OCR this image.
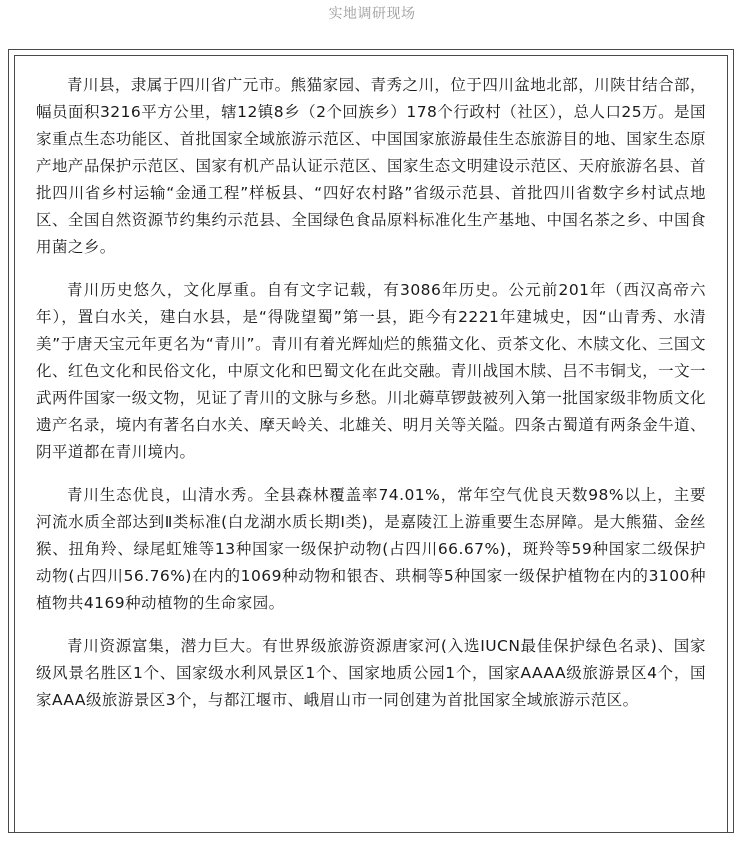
实地调研现场

青川县，隶属于四川省广元市。熊猫家园、青秀之川，位于四川盆地北部，川陕甘结合部，幅员面积3216平方公里，辖12镇8乡（2个回族乡）178个行政村（社区），总人口25万。是国家重点生态功能区、首批国家全域旅游示范区、中国国家旅游最佳生态旅游目的地、国家生态原产地产品保护示范区、国家有机产品认证示范区、国家生态文明建设示范区、天府旅游名县、首批四川省乡村运输“金通工程”样板县、“四好农村路”省级示范县、首批四川省数字乡村试点地区、全国自然资源节约集约示范县、全国绿色食品原料标准化生产基地、中国名茶之乡、中国食用菌之乡。

青川历史悠久，文化厚重。自有文字记载，有3086年历史。公元前201年（西汉高帝六年），置白水关，建白水县，是“得陇望蜀”第一县，距今有2221年建城史，因“山青秀、水清美”于唐天宝元年更名为“青川”。青川有着光辉灿烂的熊猫文化、贡茶文化、木牍文化、三国文化、红色文化和民俗文化，中原文化和巴蜀文化在此交融。青川战国木牍、吕不韦铜戈，一文一武两件国家一级文物，见证了青川的文脉与乡愁。川北薅草锣鼓被列入第一批国家级非物质文化遗产名录，境内有著名白水关、摩天岭关、北雄关、明月关等关隘。四条古蜀道有两条金牛道、阴平道都在青川境内。

青川生态优良，山清水秀。全县森林覆盖率74.01%，常年空气优良天数98%以上，主要河流水质全部达到Ⅱ类标准(白龙湖水质长期Ⅰ类)，是嘉陵江上游重要生态屏障。是大熊猫、金丝猴、扭角羚、绿尾虹雉等13种国家一级保护动物(占四川66.67%)，斑羚等59种国家二级保护动物(占四川56.76%)在内的1069种动物和银杏、珙桐等5种国家一级保护植物在内的3100种植物共4169种动植物的生命家园。

青川资源富集，潜力巨大。有世界级旅游资源唐家河(入选IUCN最佳保护绿色名录)、国家级风景名胜区1个、国家级水利风景区1个、国家地质公园1个，国家AAAA级旅游景区4个，国家AAA级旅游景区3个，与都江堰市、峨眉山市一同创建为首批国家全域旅游示范区。
